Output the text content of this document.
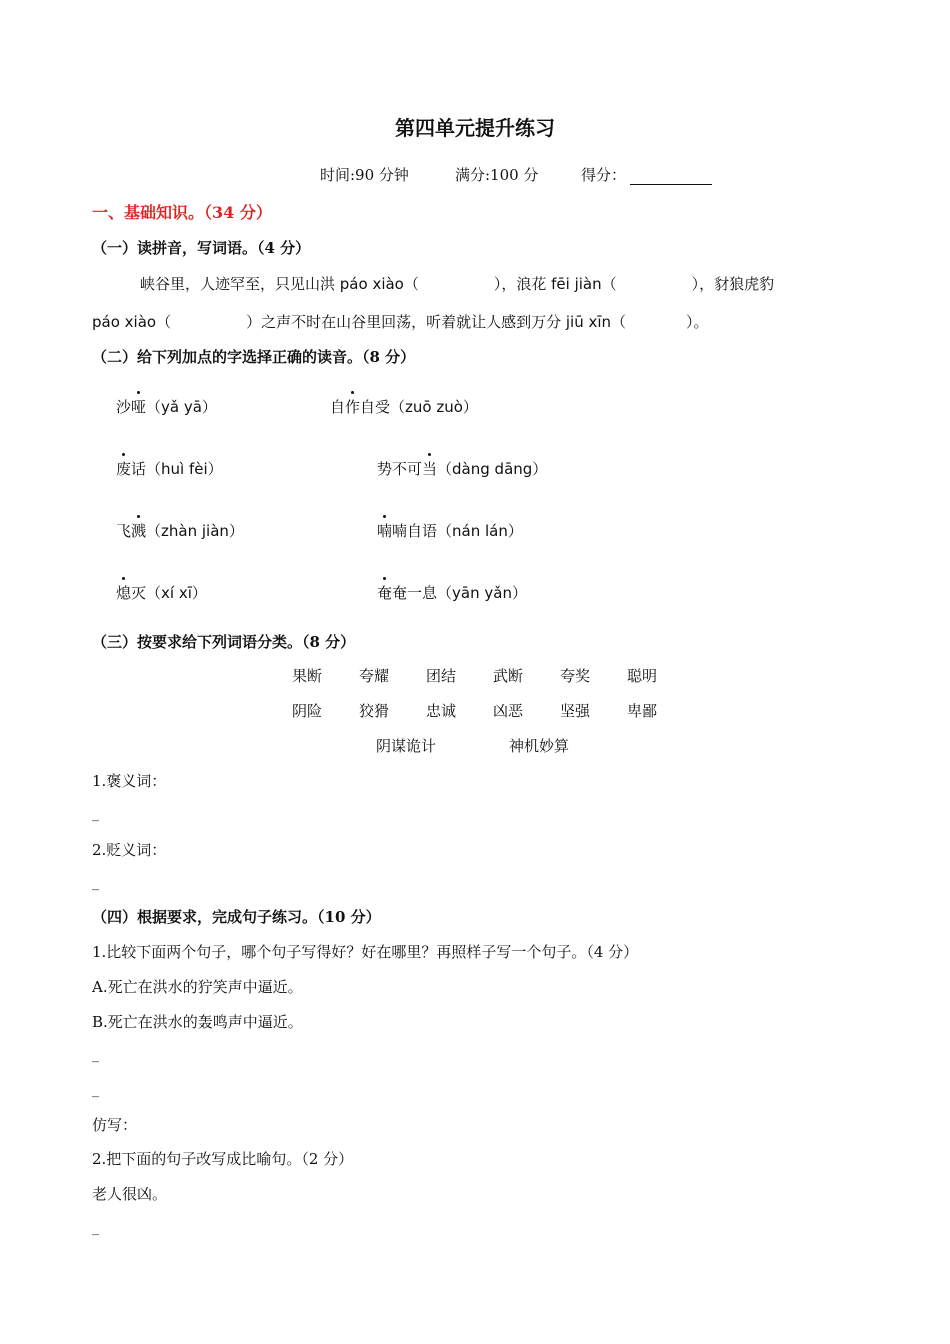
第四单元提升练习
时间:90 分钟	满分:100 分	得分：
一、基础知识。（34 分）
（一）读拼音，写词语。（4 分）
峡谷里，人迹罕至，只见山洪 páo xiào（　　　　　），浪花 fēi jiàn（　　　　　），豺狼虎豹
páo xiào（　　　　　）之声不时在山谷里回荡，听着就让人感到万分 jiū xīn（　　　　）。
（二）给下列加点的字选择正确的读音。（8 分）
沙哑（yǎ yā）	自作自受（zuō zuò）
废话（huì fèi）	势不可当（dàng dāng）
飞溅（zhàn jiàn）	喃喃自语（nán lán）
熄灭（xí xī）	奄奄一息（yān yǎn）
（三）按要求给下列词语分类。（8 分）
果断 夸耀 团结 武断 夸奖 聪明
阴险 狡猾 忠诚 凶恶 坚强 卑鄙
阴谋诡计	神机妙算
1.褒义词：
_
2.贬义词：
_
（四）根据要求，完成句子练习。（10 分）
1.比较下面两个句子，哪个句子写得好？好在哪里？再照样子写一个句子。（4 分）
A.死亡在洪水的狞笑声中逼近。
B.死亡在洪水的轰鸣声中逼近。
_
_
仿写：
2.把下面的句子改写成比喻句。（2 分）
老人很凶。
_
